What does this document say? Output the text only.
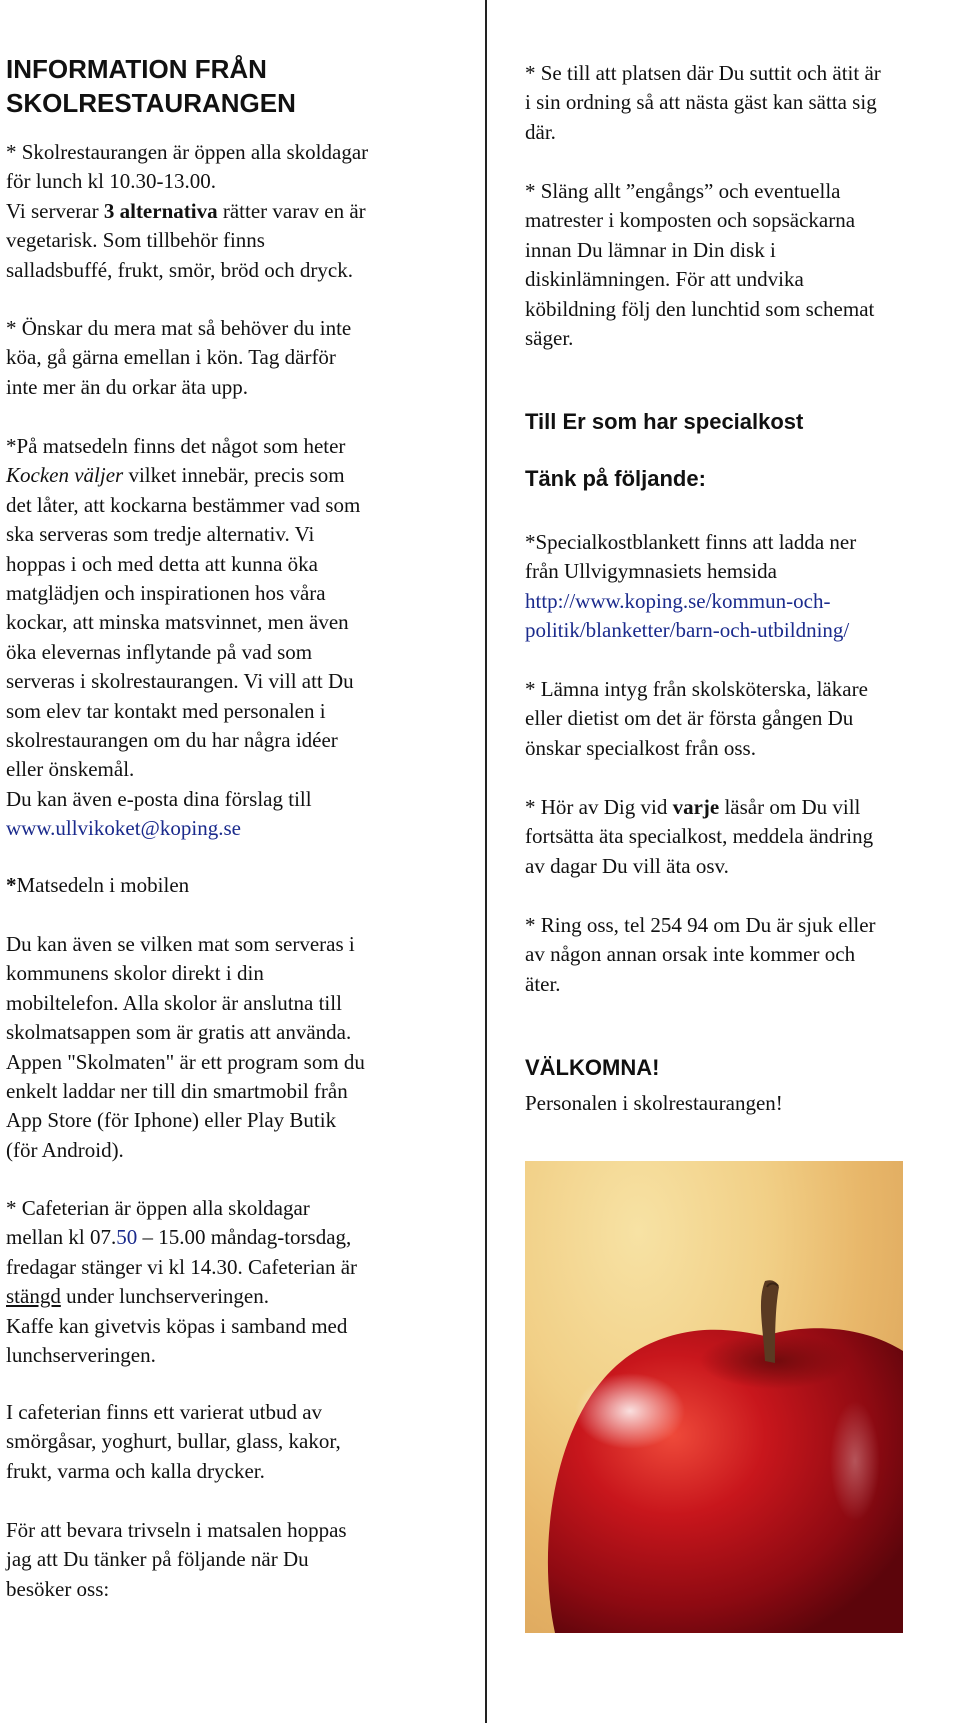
INFORMATION FRÅN
SKOLRESTAURANGEN

* Skolrestaurangen är öppen alla skoldagar
för lunch kl 10.30-13.00.
Vi serverar 3 alternativa rätter varav en är
vegetarisk. Som tillbehör finns
salladsbuffé, frukt, smör, bröd och dryck.

* Önskar du mera mat så behöver du inte
köa, gå gärna emellan i kön. Tag därför
inte mer än du orkar äta upp.

*På matsedeln finns det något som heter
Kocken väljer vilket innebär, precis som
det låter, att kockarna bestämmer vad som
ska serveras som tredje alternativ. Vi
hoppas i och med detta att kunna öka
matglädjen och inspirationen hos våra
kockar, att minska matsvinnet, men även
öka elevernas inflytande på vad som
serveras i skolrestaurangen. Vi vill att Du
som elev tar kontakt med personalen i
skolrestaurangen om du har några idéer
eller önskemål.
Du kan även e-posta dina förslag till
www.ullvikoket@koping.se

*Matsedeln i mobilen

Du kan även se vilken mat som serveras i
kommunens skolor direkt i din
mobiltelefon. Alla skolor är anslutna till
skolmatsappen som är gratis att använda.
Appen "Skolmaten" är ett program som du
enkelt laddar ner till din smartmobil från
App Store (för Iphone) eller Play Butik
(för Android).

* Cafeterian är öppen alla skoldagar
mellan kl 07.50 – 15.00 måndag-torsdag,
fredagar stänger vi kl 14.30. Cafeterian är
stängd under lunchserveringen.
Kaffe kan givetvis köpas i samband med
lunchserveringen.

I cafeterian finns ett varierat utbud av
smörgåsar, yoghurt, bullar, glass, kakor,
frukt, varma och kalla drycker.

För att bevara trivseln i matsalen hoppas
jag att Du tänker på följande när Du
besöker oss:

* Se till att platsen där Du suttit och ätit är
i sin ordning så att nästa gäst kan sätta sig
där.

* Släng allt ”engångs” och eventuella
matrester i komposten och sopsäckarna
innan Du lämnar in Din disk i
diskinlämningen. För att undvika
köbildning följ den lunchtid som schemat
säger.

Till Er som har specialkost
Tänk på följande:

*Specialkostblankett finns att ladda ner
från Ullvigymnasiets hemsida
http://www.koping.se/kommun-och-
politik/blanketter/barn-och-utbildning/

* Lämna intyg från skolsköterska, läkare
eller dietist om det är första gången Du
önskar specialkost från oss.

* Hör av Dig vid varje läsår om Du vill
fortsätta äta specialkost, meddela ändring
av dagar Du vill äta osv.

* Ring oss, tel 254 94 om Du är sjuk eller
av någon annan orsak inte kommer och
äter.

VÄLKOMNA!

Personalen i skolrestaurangen!
